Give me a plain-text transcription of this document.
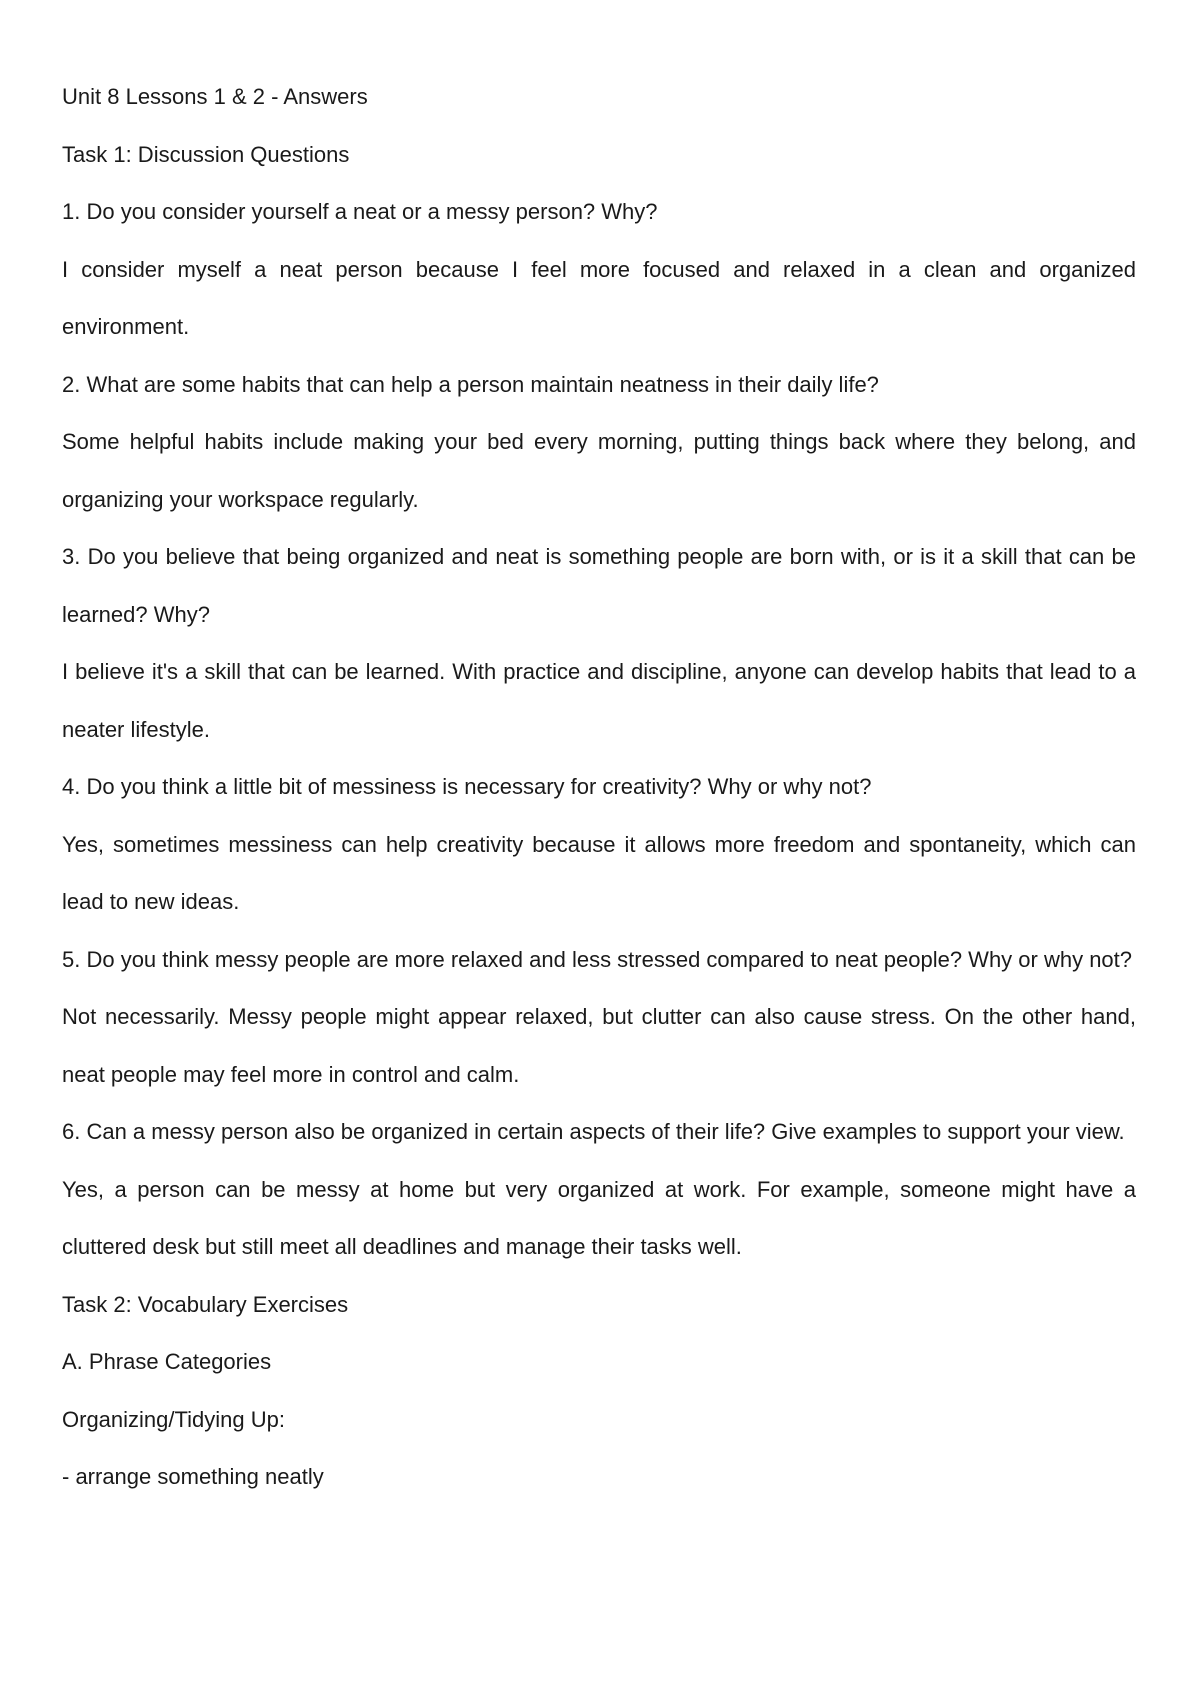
Unit 8 Lessons 1 & 2 - Answers

Task 1: Discussion Questions

1. Do you consider yourself a neat or a messy person? Why?

I consider myself a neat person because I feel more focused and relaxed in a clean and organized environment.

2. What are some habits that can help a person maintain neatness in their daily life?

Some helpful habits include making your bed every morning, putting things back where they belong, and organizing your workspace regularly.

3. Do you believe that being organized and neat is something people are born with, or is it a skill that can be learned? Why?

I believe it's a skill that can be learned. With practice and discipline, anyone can develop habits that lead to a neater lifestyle.

4. Do you think a little bit of messiness is necessary for creativity? Why or why not?

Yes, sometimes messiness can help creativity because it allows more freedom and spontaneity, which can lead to new ideas.

5. Do you think messy people are more relaxed and less stressed compared to neat people? Why or why not?

Not necessarily. Messy people might appear relaxed, but clutter can also cause stress. On the other hand, neat people may feel more in control and calm.

6. Can a messy person also be organized in certain aspects of their life? Give examples to support your view.

Yes, a person can be messy at home but very organized at work. For example, someone might have a cluttered desk but still meet all deadlines and manage their tasks well.

Task 2: Vocabulary Exercises

A. Phrase Categories

Organizing/Tidying Up:

- arrange something neatly
